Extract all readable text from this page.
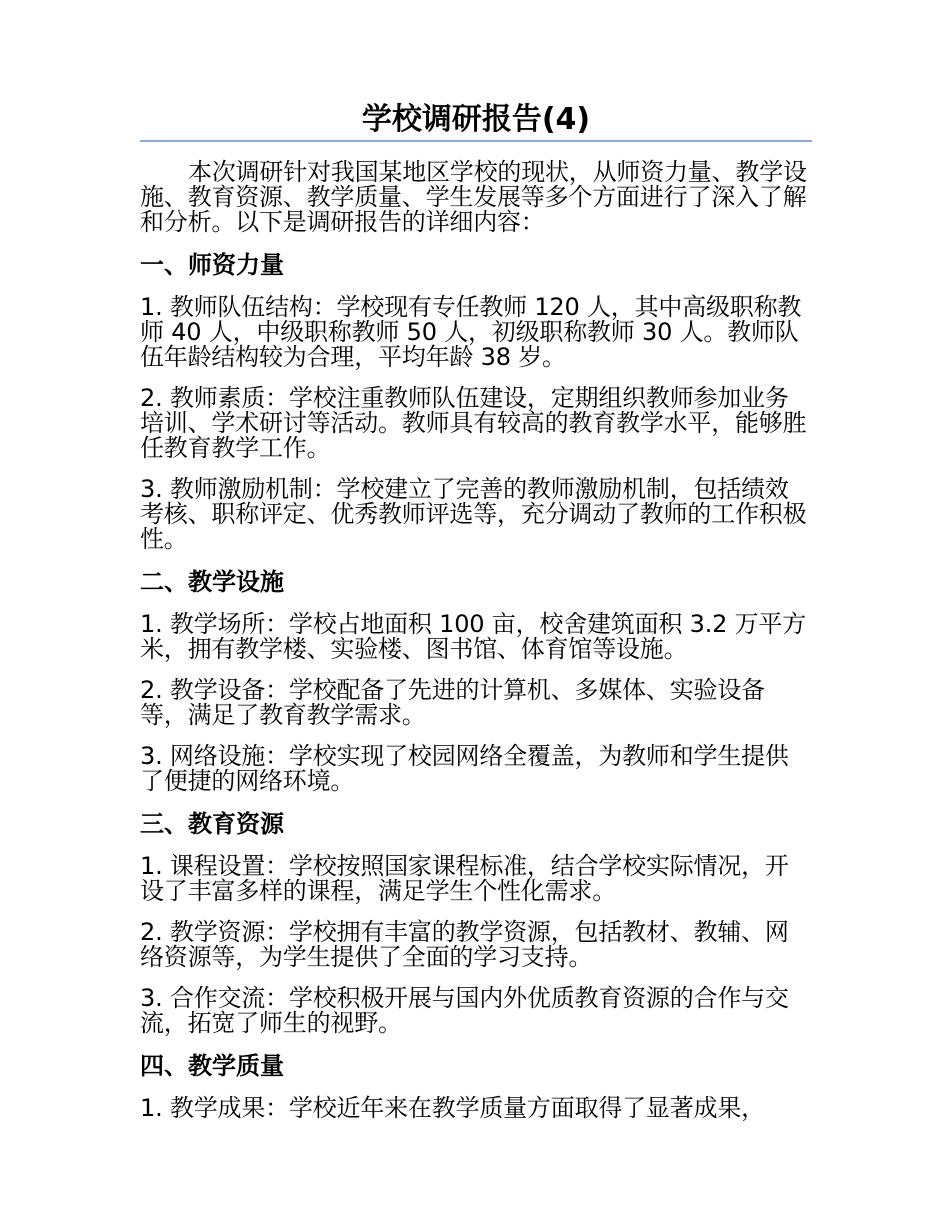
学校调研报告(4)

本次调研针对我国某地区学校的现状，从师资力量、教学设施、教育资源、教学质量、学生发展等多个方面进行了深入了解和分析。以下是调研报告的详细内容：

一、师资力量

1. 教师队伍结构：学校现有专任教师 120 人，其中高级职称教师 40 人，中级职称教师 50 人，初级职称教师 30 人。教师队伍年龄结构较为合理，平均年龄 38 岁。

2. 教师素质：学校注重教师队伍建设，定期组织教师参加业务培训、学术研讨等活动。教师具有较高的教育教学水平，能够胜任教育教学工作。

3. 教师激励机制：学校建立了完善的教师激励机制，包括绩效考核、职称评定、优秀教师评选等，充分调动了教师的工作积极性。

二、教学设施

1. 教学场所：学校占地面积 100 亩，校舍建筑面积 3.2 万平方米，拥有教学楼、实验楼、图书馆、体育馆等设施。

2. 教学设备：学校配备了先进的计算机、多媒体、实验设备等，满足了教育教学需求。

3. 网络设施：学校实现了校园网络全覆盖，为教师和学生提供了便捷的网络环境。

三、教育资源

1. 课程设置：学校按照国家课程标准，结合学校实际情况，开设了丰富多样的课程，满足学生个性化需求。

2. 教学资源：学校拥有丰富的教学资源，包括教材、教辅、网络资源等，为学生提供了全面的学习支持。

3. 合作交流：学校积极开展与国内外优质教育资源的合作与交流，拓宽了师生的视野。

四、教学质量

1. 教学成果：学校近年来在教学质量方面取得了显著成果，
